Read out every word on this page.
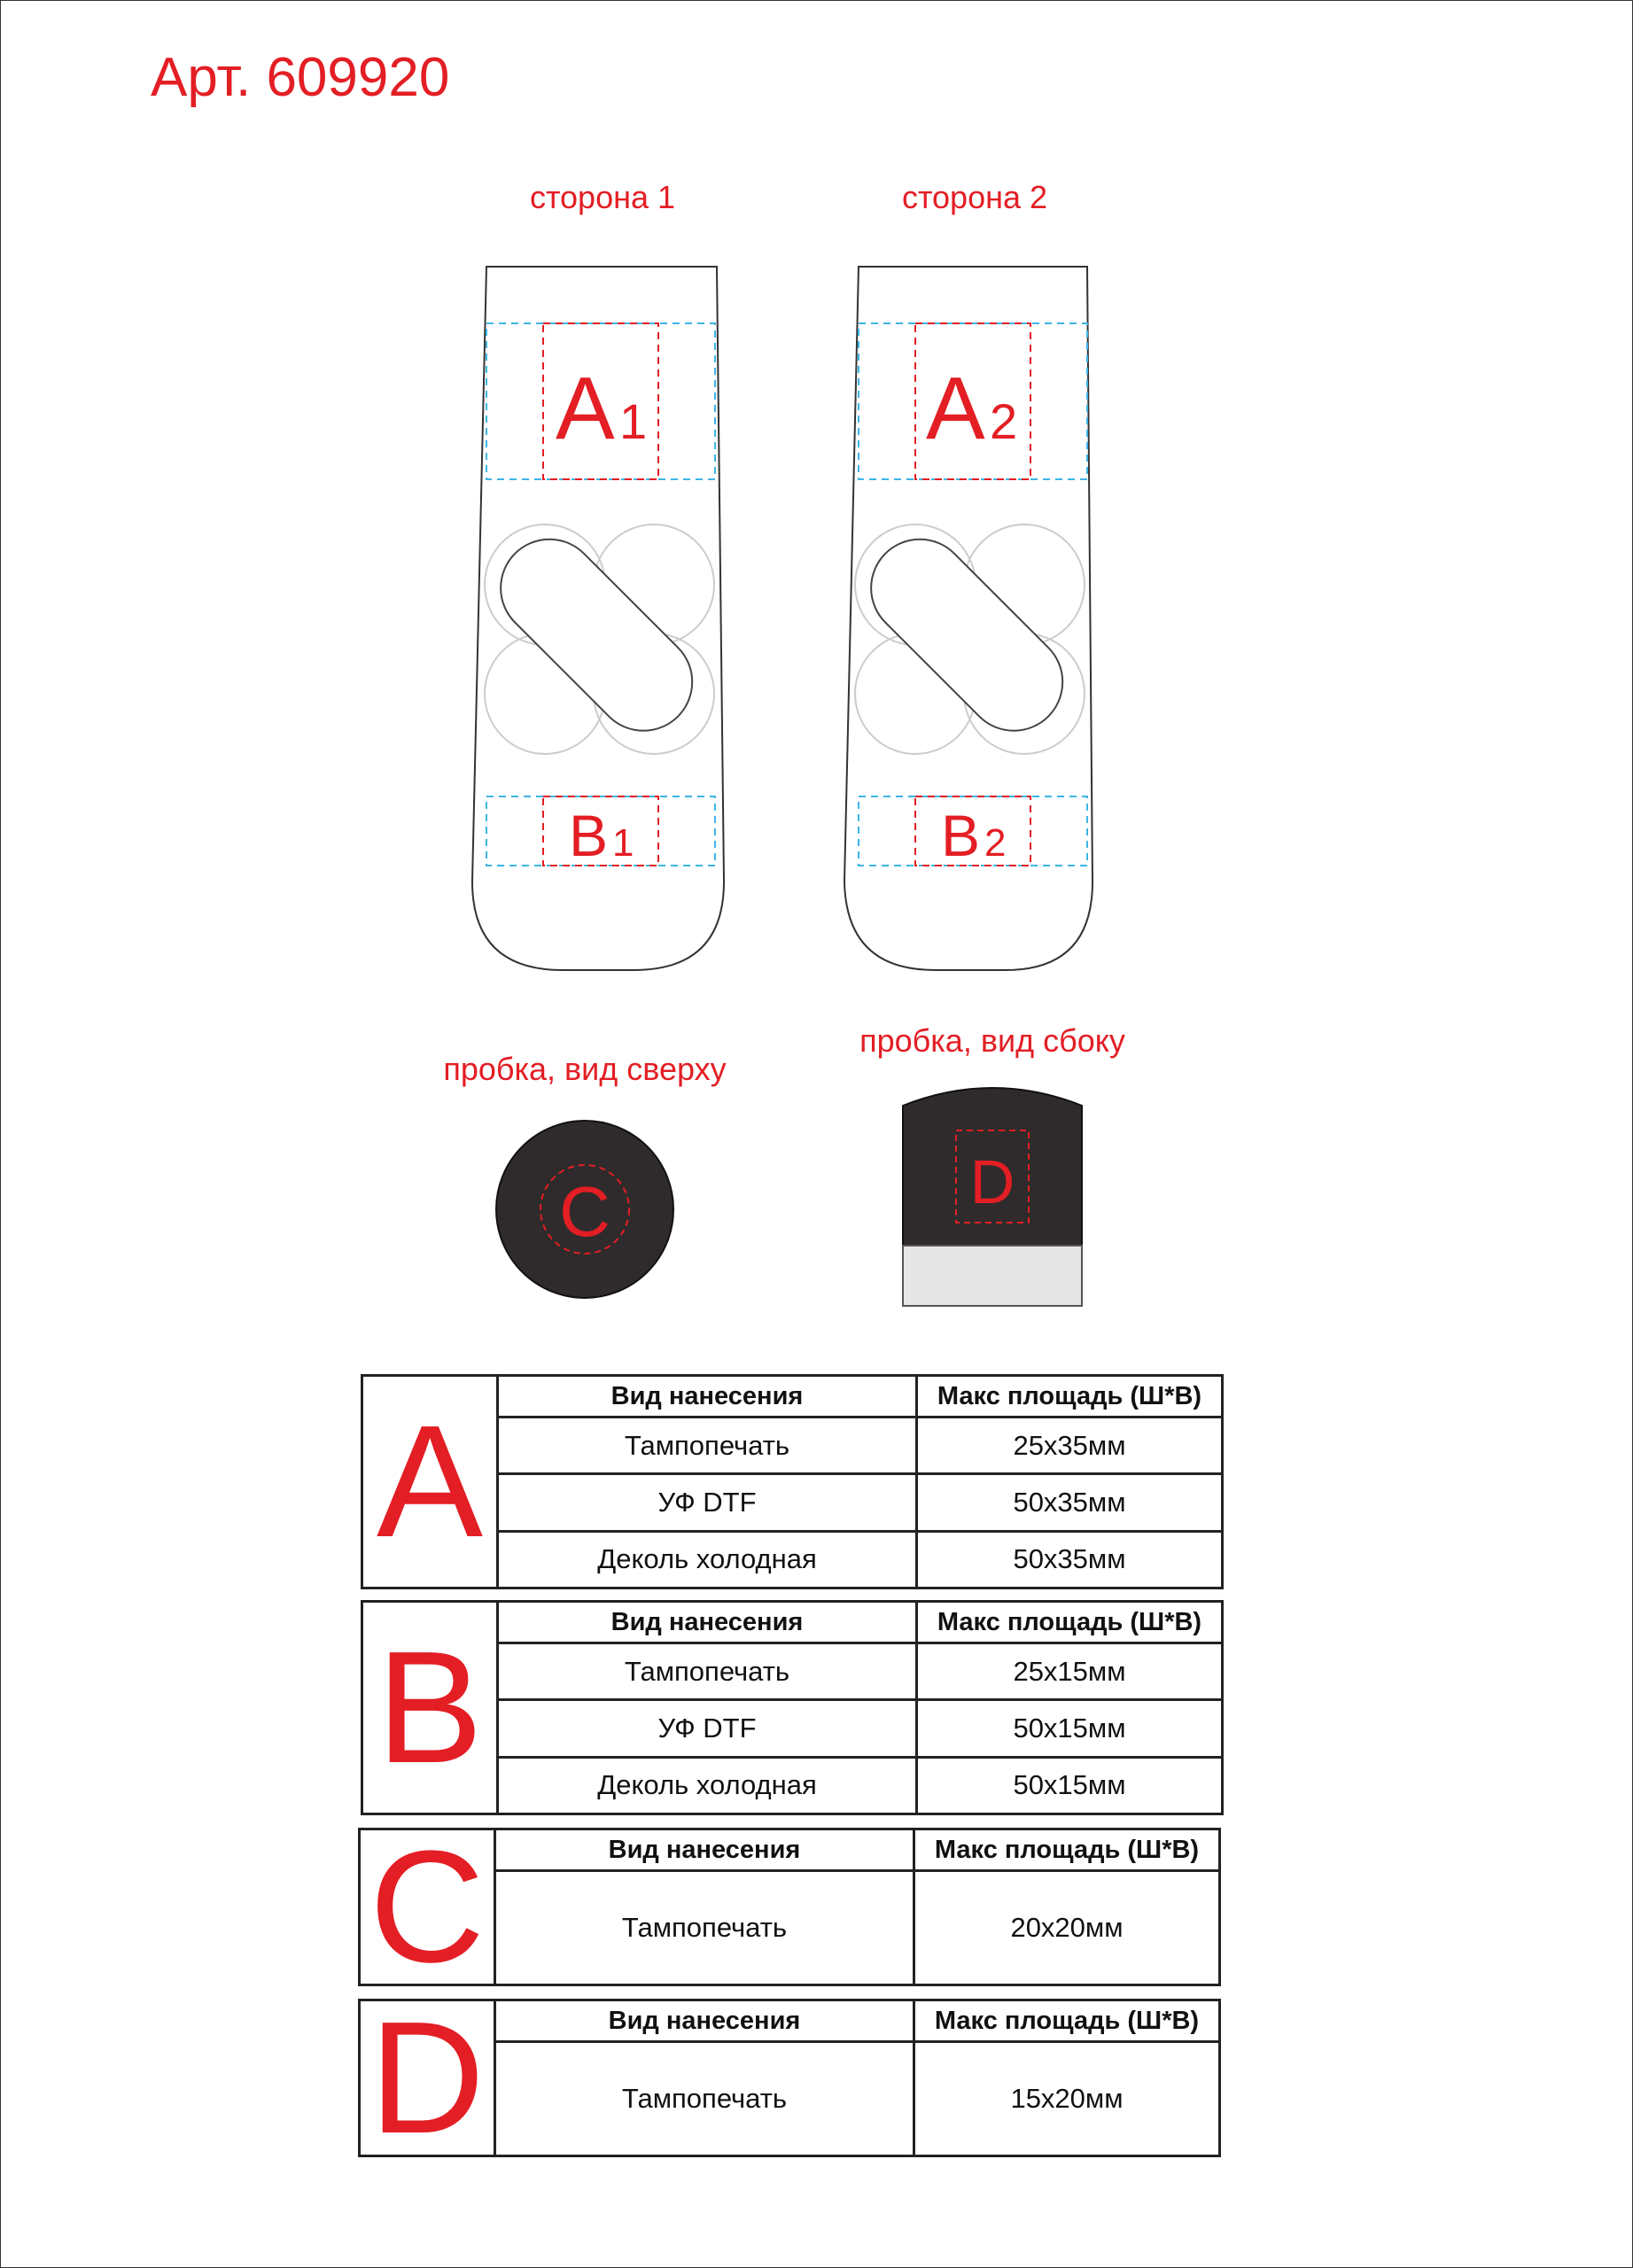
Арт. 609920
сторона 1	сторона 2
пробка, вид сверху
пробка, вид сбоку
A 1
B 1
A 2
B 2
C	D
A	Вид нанесения	Макс площадь (Ш*В)
Тампопечать	25х35мм
УФ DTF	50х35мм
Деколь холодная	50х35мм
B	Вид нанесения	Макс площадь (Ш*В)
Тампопечать	25х15мм
УФ DTF	50х15мм
Деколь холодная	50х15мм
C	Вид нанесения	Макс площадь (Ш*В)
Тампопечать	20х20мм
D	Вид нанесения	Макс площадь (Ш*В)
Тампопечать	15х20мм
